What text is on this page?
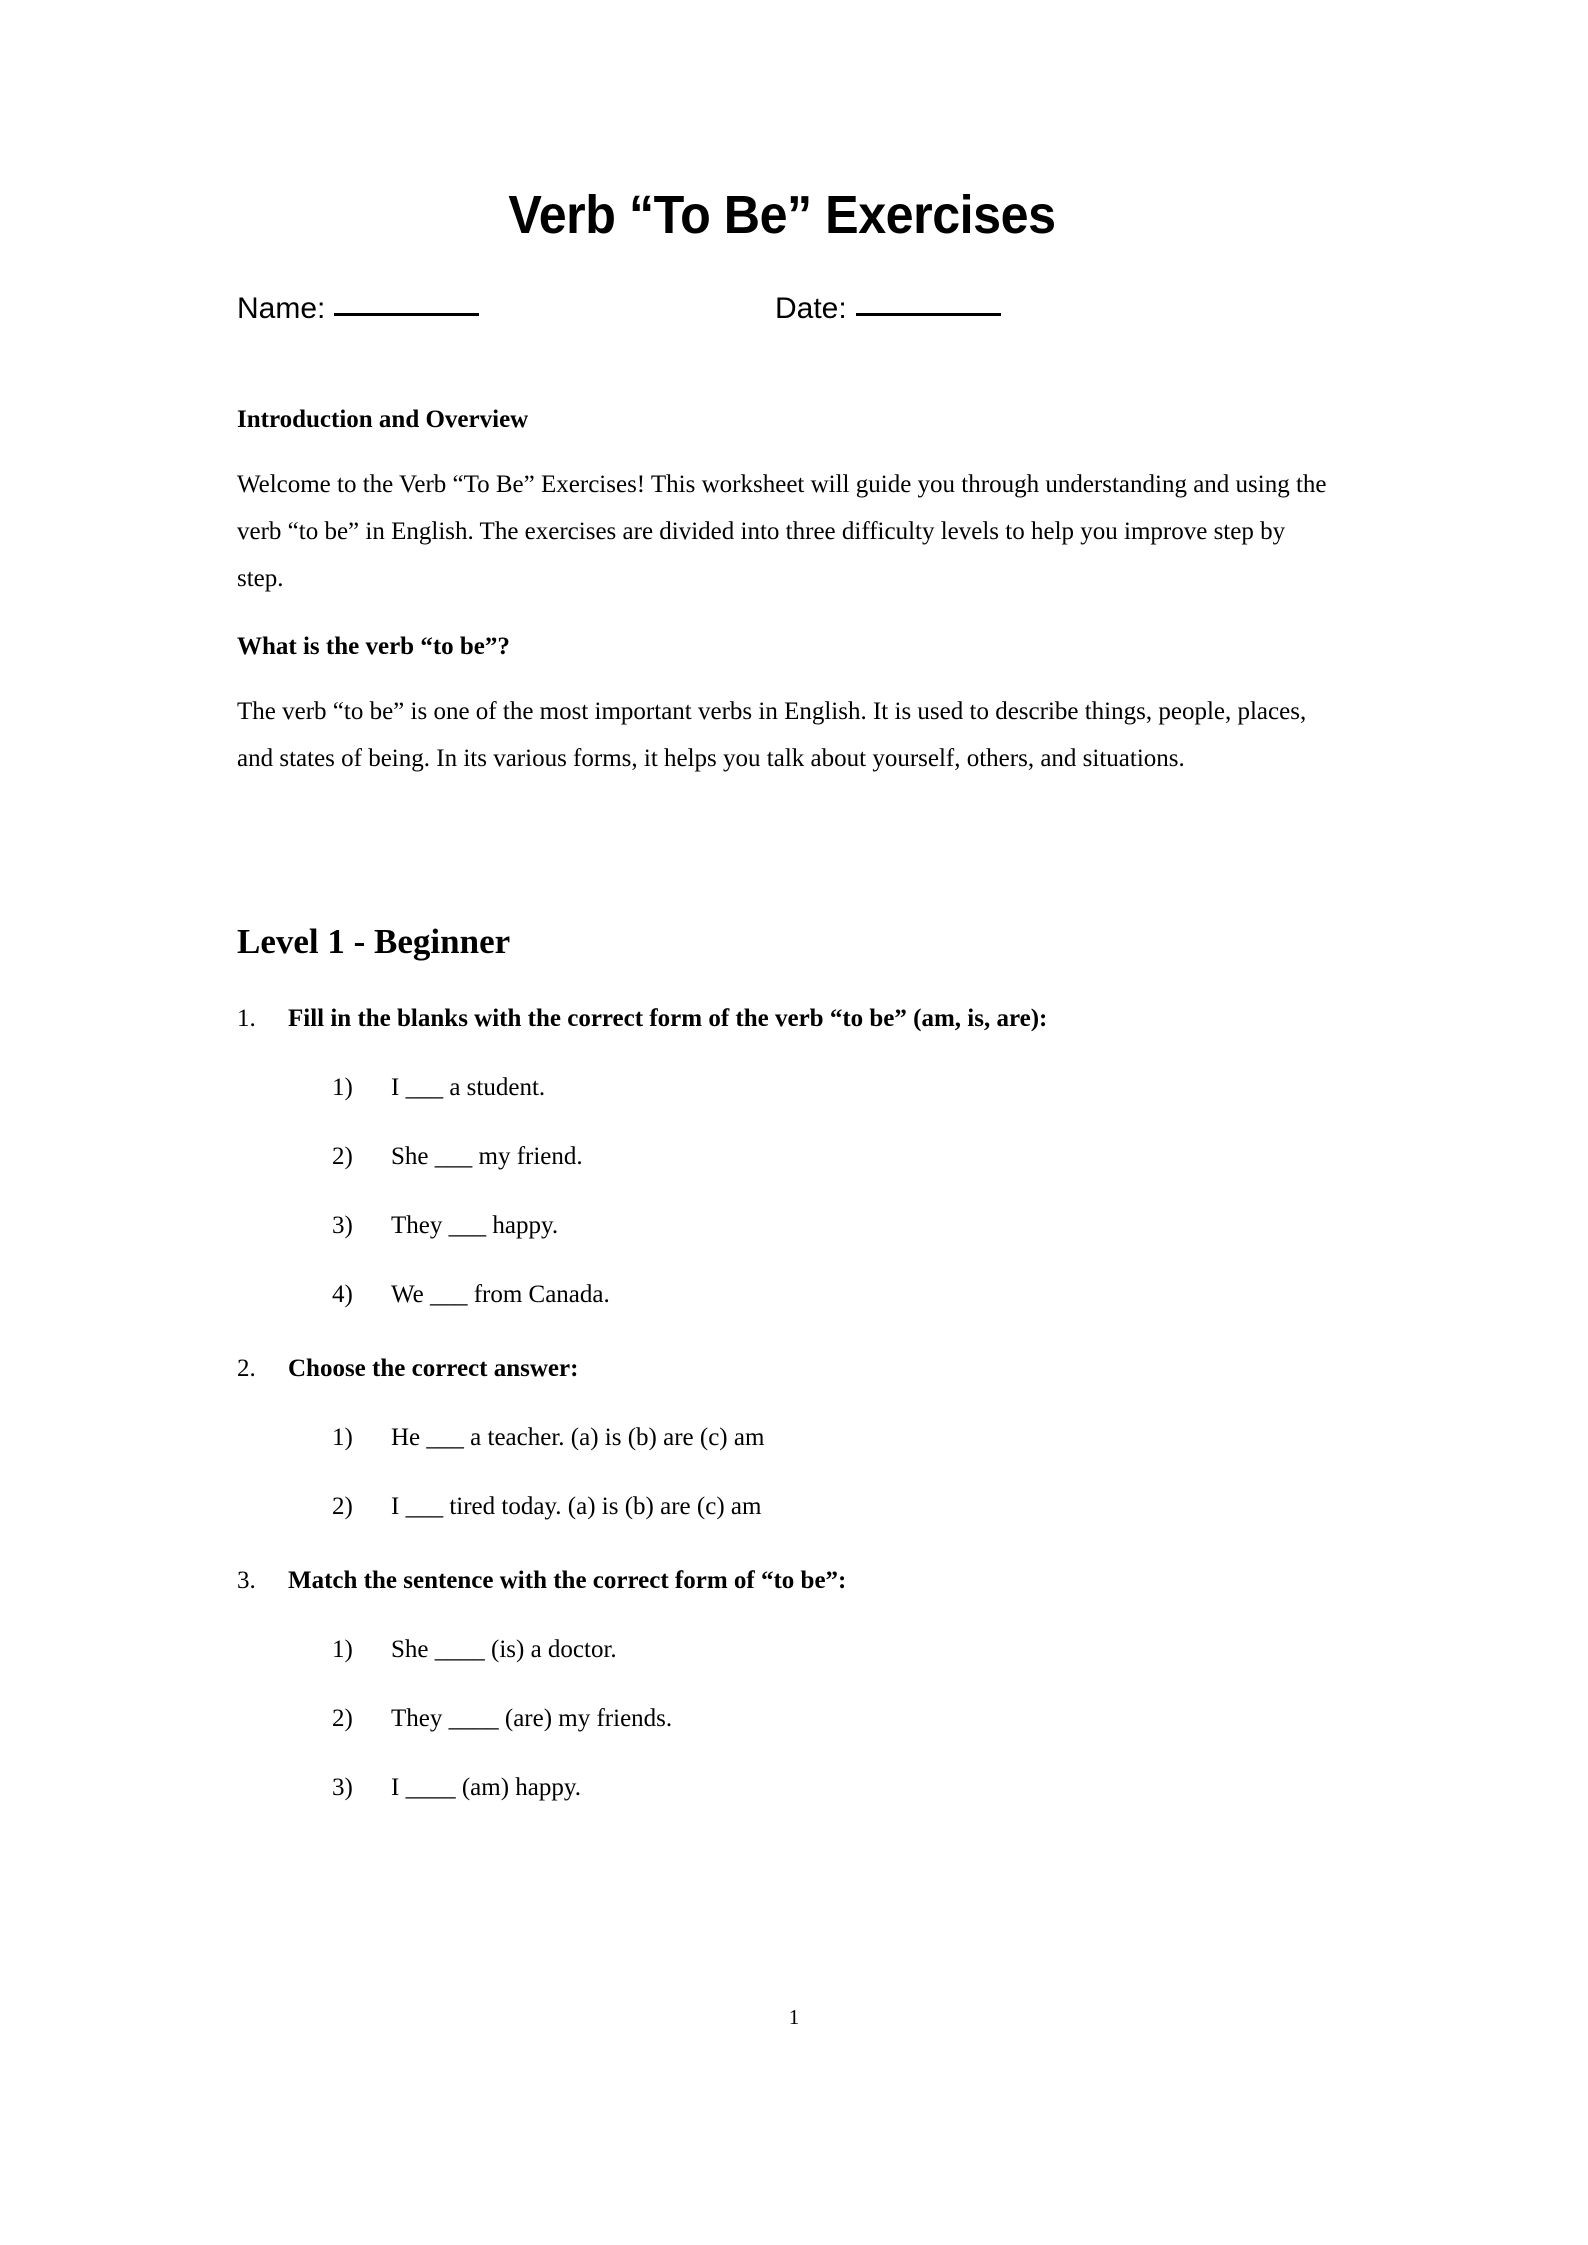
Verb “To Be” Exercises
Name:	Date:
Introduction and Overview

Welcome to the Verb “To Be” Exercises! This worksheet will guide you through understanding and using the verb “to be” in English. The exercises are divided into three difficulty levels to help you improve step by step.

What is the verb “to be”?

The verb “to be” is one of the most important verbs in English. It is used to describe things, people, places, and states of being. In its various forms, it helps you talk about yourself, others, and situations.

Level 1 - Beginner
1.	Fill in the blanks with the correct form of the verb “to be” (am, is, are):
1)	I ___ a student.
2)	She ___ my friend.
3)	They ___ happy.
4)	We ___ from Canada.
2.	Choose the correct answer:
1)	He ___ a teacher. (a) is (b) are (c) am
2)	I ___ tired today. (a) is (b) are (c) am
3.	Match the sentence with the correct form of “to be”:
1)	She ____ (is) a doctor.
2)	They ____ (are) my friends.
3)	I ____ (am) happy.
1
